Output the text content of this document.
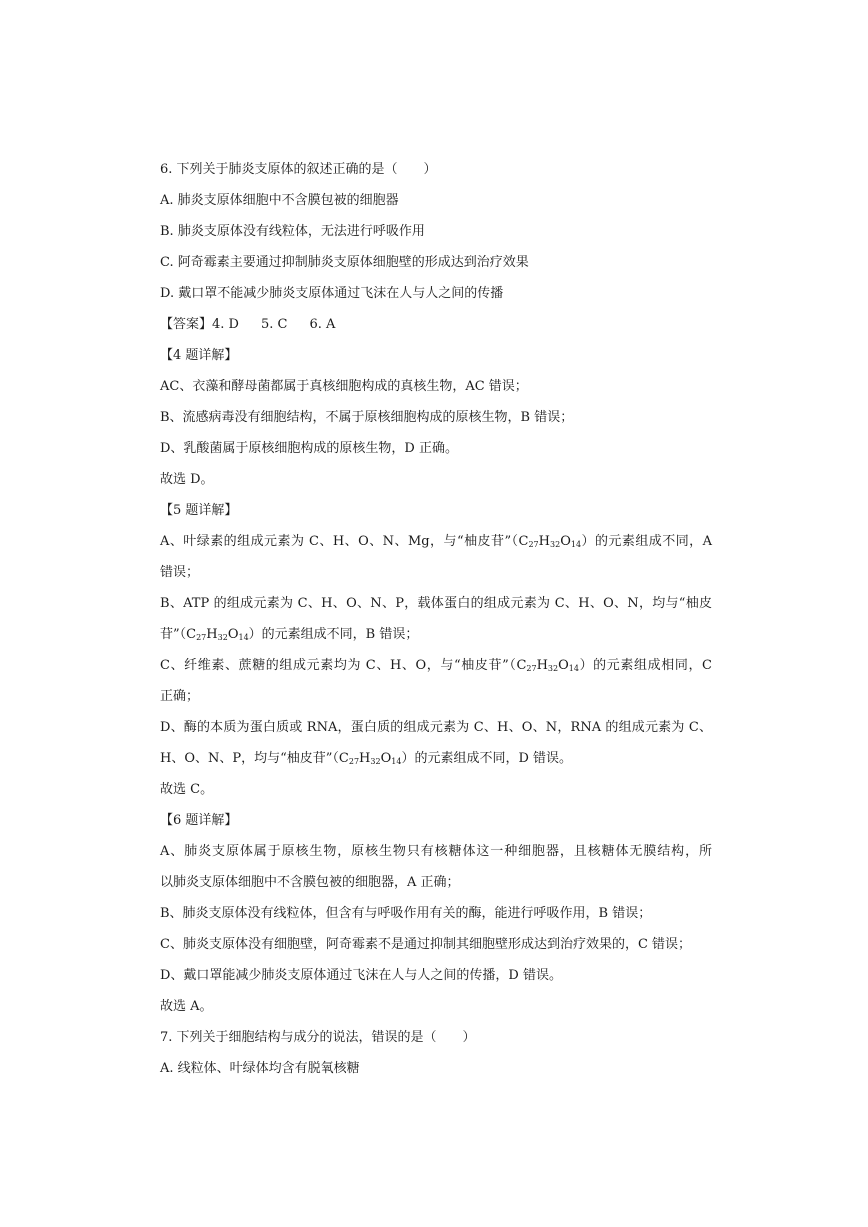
6. 下列关于肺炎支原体的叙述正确的是（　　）
A. 肺炎支原体细胞中不含膜包被的细胞器
B. 肺炎支原体没有线粒体，无法进行呼吸作用
C. 阿奇霉素主要通过抑制肺炎支原体细胞壁的形成达到治疗效果
D. 戴口罩不能减少肺炎支原体通过飞沫在人与人之间的传播
【答案】4. D 5. C 6. A
【4 题详解】
AC、衣藻和酵母菌都属于真核细胞构成的真核生物，AC 错误；
B、流感病毒没有细胞结构，不属于原核细胞构成的原核生物，B 错误；
D、乳酸菌属于原核细胞构成的原核生物，D 正确。
故选 D。
【5 题详解】
A、叶绿素的组成元素为 C、H、O、N、Mg，与“柚皮苷$”(C_{27}H_{32}O_{14})$的元素组成不同，A
错误；
B、ATP 的组成元素为 C、H、O、N、P，载体蛋白的组成元素为 C、H、O、N，均与“柚皮
苷$”(C_{27}H_{32}O_{14})$的元素组成不同，B 错误；
C、纤维素、蔗糖的组成元素均为 C、H、O，与“柚皮苷$”(C_{27}H_{32}O_{14})$的元素组成相同，C
正确；
D、酶的本质为蛋白质或 RNA，蛋白质的组成元素为 C、H、O、N，RNA 的组成元素为 C、
H、O、N、P，均与“柚皮苷$”(C_{27}H_{32}O_{14})$的元素组成不同，D 错误。
故选 C。
【6 题详解】
A、肺炎支原体属于原核生物，原核生物只有核糖体这一种细胞器，且核糖体无膜结构，所
以肺炎支原体细胞中不含膜包被的细胞器，A 正确；
B、肺炎支原体没有线粒体，但含有与呼吸作用有关的酶，能进行呼吸作用，B 错误；
C、肺炎支原体没有细胞壁，阿奇霉素不是通过抑制其细胞壁形成达到治疗效果的，C 错误；
D、戴口罩能减少肺炎支原体通过飞沫在人与人之间的传播，D 错误。
故选 A。
7. 下列关于细胞结构与成分的说法，错误的是（　　）
A. 线粒体、叶绿体均含有脱氧核糖
